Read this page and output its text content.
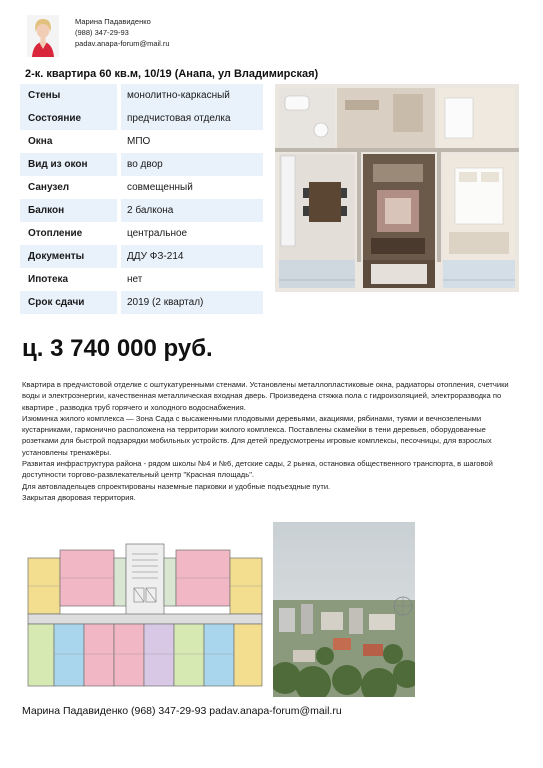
Марина Падавиденко
(988) 347-29-93
padav.anapa-forum@mail.ru
2-к. квартира 60 кв.м, 10/19 (Анапа, ул Владимирская)
Стены	монолитно-каркасный
Состояние	предчистовая отделка
Окна	МПО
Вид из окон	во двор
Санузел	совмещенный
Балкон	2 балкона
Отопление	центральное
Документы	ДДУ ФЗ-214
Ипотека	нет
Срок сдачи	2019 (2 квартал)
ц. 3 740 000 руб.

Квартира в предчистовой отделке с оштукатуренными стенами. Установлены металлопластиковые окна, радиаторы отопления, счетчики воды и электроэнергии, качественная металлическая входная дверь. Произведена стяжка пола с гидроизоляцией, электроразводка по квартире , разводка труб горячего и холодного водоснабжения.

Изюминка жилого комплекса — Зона Сада с высаженными плодовыми деревьями, акациями, рябинами, туями и вечнозелеными кустарниками, гармонично расположена на территории жилого комплекса. Поставлены скамейки в тени деревьев, оборудованные розетками для быстрой подзарядки мобильных устройств. Для детей предусмотрены игровые комплексы, песочницы, для взрослых установлены тренажёры.

Развитая инфраструктура района - рядом школы №4 и №6, детские сады, 2 рынка, остановка общественного транспорта, в шаговой доступности торгово-развлекательный центр "Красная площадь".

Для автовладельцев спроектированы наземные парковки и удобные подъездные пути.

Закрытая дворовая территория.

Марина Падавиденко (968) 347-29-93 padav.anapa-forum@mail.ru
